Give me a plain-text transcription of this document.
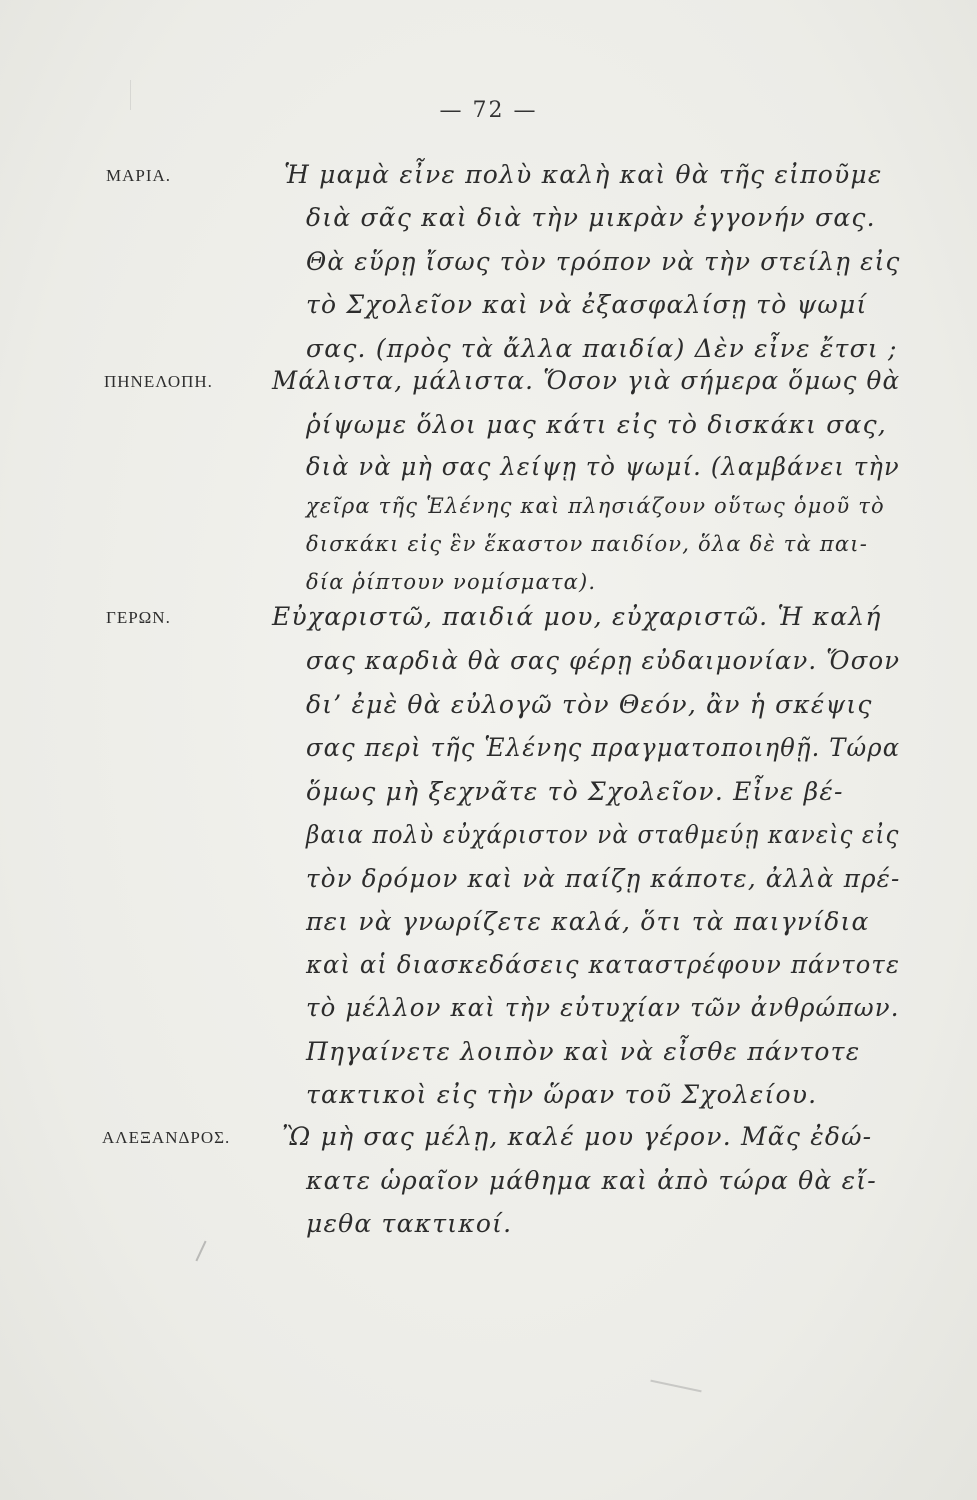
— 72 —
ΜΑΡΙΑ.	Ἡ μαμὰ εἶνε πολὺ καλὴ καὶ θὰ τῆς εἰποῦμε
διὰ σᾶς καὶ διὰ τὴν μικρὰν ἐγγονήν σας.
Θὰ εὕρῃ ἴσως τὸν τρόπον νὰ τὴν στείλῃ εἰς
τὸ Σχολεῖον καὶ νὰ ἐξασφαλίσῃ τὸ ψωμί
σας. (πρὸς τὰ ἄλλα παιδία) Δὲν εἶνε ἔτσι ;
ΠΗΝΕΛΟΠΗ. Μάλιστα, μάλιστα. Ὅσον γιὰ σήμερα ὅμως θὰ
ῥίψωμε ὅλοι μας κάτι εἰς τὸ δισκάκι σας,
διὰ νὰ μὴ σας λείψῃ τὸ ψωμί. (λαμβάνει τὴν
χεῖρα τῆς Ἑλένης καὶ πλησιάζουν οὕτως ὁμοῦ τὸ
δισκάκι εἰς ἓν ἕκαστον παιδίον, ὅλα δὲ τὰ παι-
δία ῥίπτουν νομίσματα).
ΓΕΡΩΝ.	Εὐχαριστῶ, παιδιά μου, εὐχαριστῶ. Ἡ καλή
σας καρδιὰ θὰ σας φέρῃ εὐδαιμονίαν. Ὅσον
δι’ ἐμὲ θὰ εὐλογῶ τὸν Θεόν, ἂν ἡ σκέψις
σας περὶ τῆς Ἑλένης πραγματοποιηθῇ. Τώρα
ὅμως μὴ ξεχνᾶτε τὸ Σχολεῖον. Εἶνε βέ-
βαια πολὺ εὐχάριστον νὰ σταθμεύῃ κανεὶς εἰς
τὸν δρόμον καὶ νὰ παίζῃ κάποτε, ἀλλὰ πρέ-
πει νὰ γνωρίζετε καλά, ὅτι τὰ παιγνίδια
καὶ αἱ διασκεδάσεις καταστρέφουν πάντοτε
τὸ μέλλον καὶ τὴν εὐτυχίαν τῶν ἀνθρώπων.
Πηγαίνετε λοιπὸν καὶ νὰ εἶσθε πάντοτε
τακτικοὶ εἰς τὴν ὥραν τοῦ Σχολείου.
ΑΛΕΞΑΝΔΡΟΣ. Ὢ μὴ σας μέλῃ, καλέ μου γέρον. Μᾶς ἐδώ-
κατε ὡραῖον μάθημα καὶ ἀπὸ τώρα θὰ εἴ-
μεθα τακτικοί.
